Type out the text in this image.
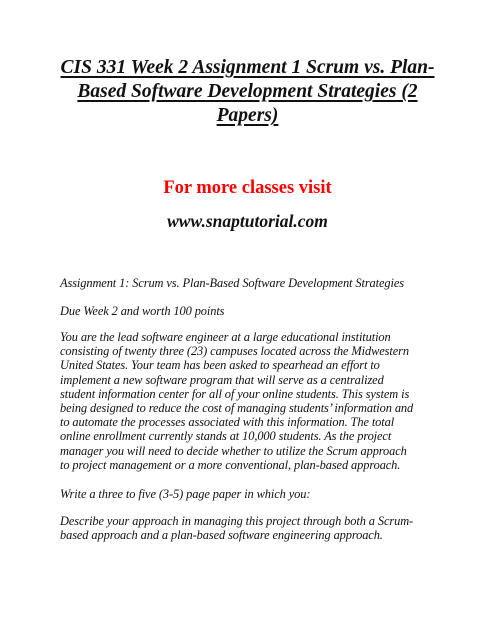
CIS 331 Week 2 Assignment 1 Scrum vs. Plan-
Based Software Development Strategies (2
Papers)

For more classes visit

www.snaptutorial.com

Assignment 1: Scrum vs. Plan-Based Software Development Strategies

Due Week 2 and worth 100 points

You are the lead software engineer at a large educational institution
consisting of twenty three (23) campuses located across the Midwestern
United States. Your team has been asked to spearhead an effort to
implement a new software program that will serve as a centralized
student information center for all of your online students. This system is
being designed to reduce the cost of managing students’ information and
to automate the processes associated with this information. The total
online enrollment currently stands at 10,000 students. As the project
manager you will need to decide whether to utilize the Scrum approach
to project management or a more conventional, plan-based approach.

Write a three to five (3-5) page paper in which you:

Describe your approach in managing this project through both a Scrum-
based approach and a plan-based software engineering approach.
